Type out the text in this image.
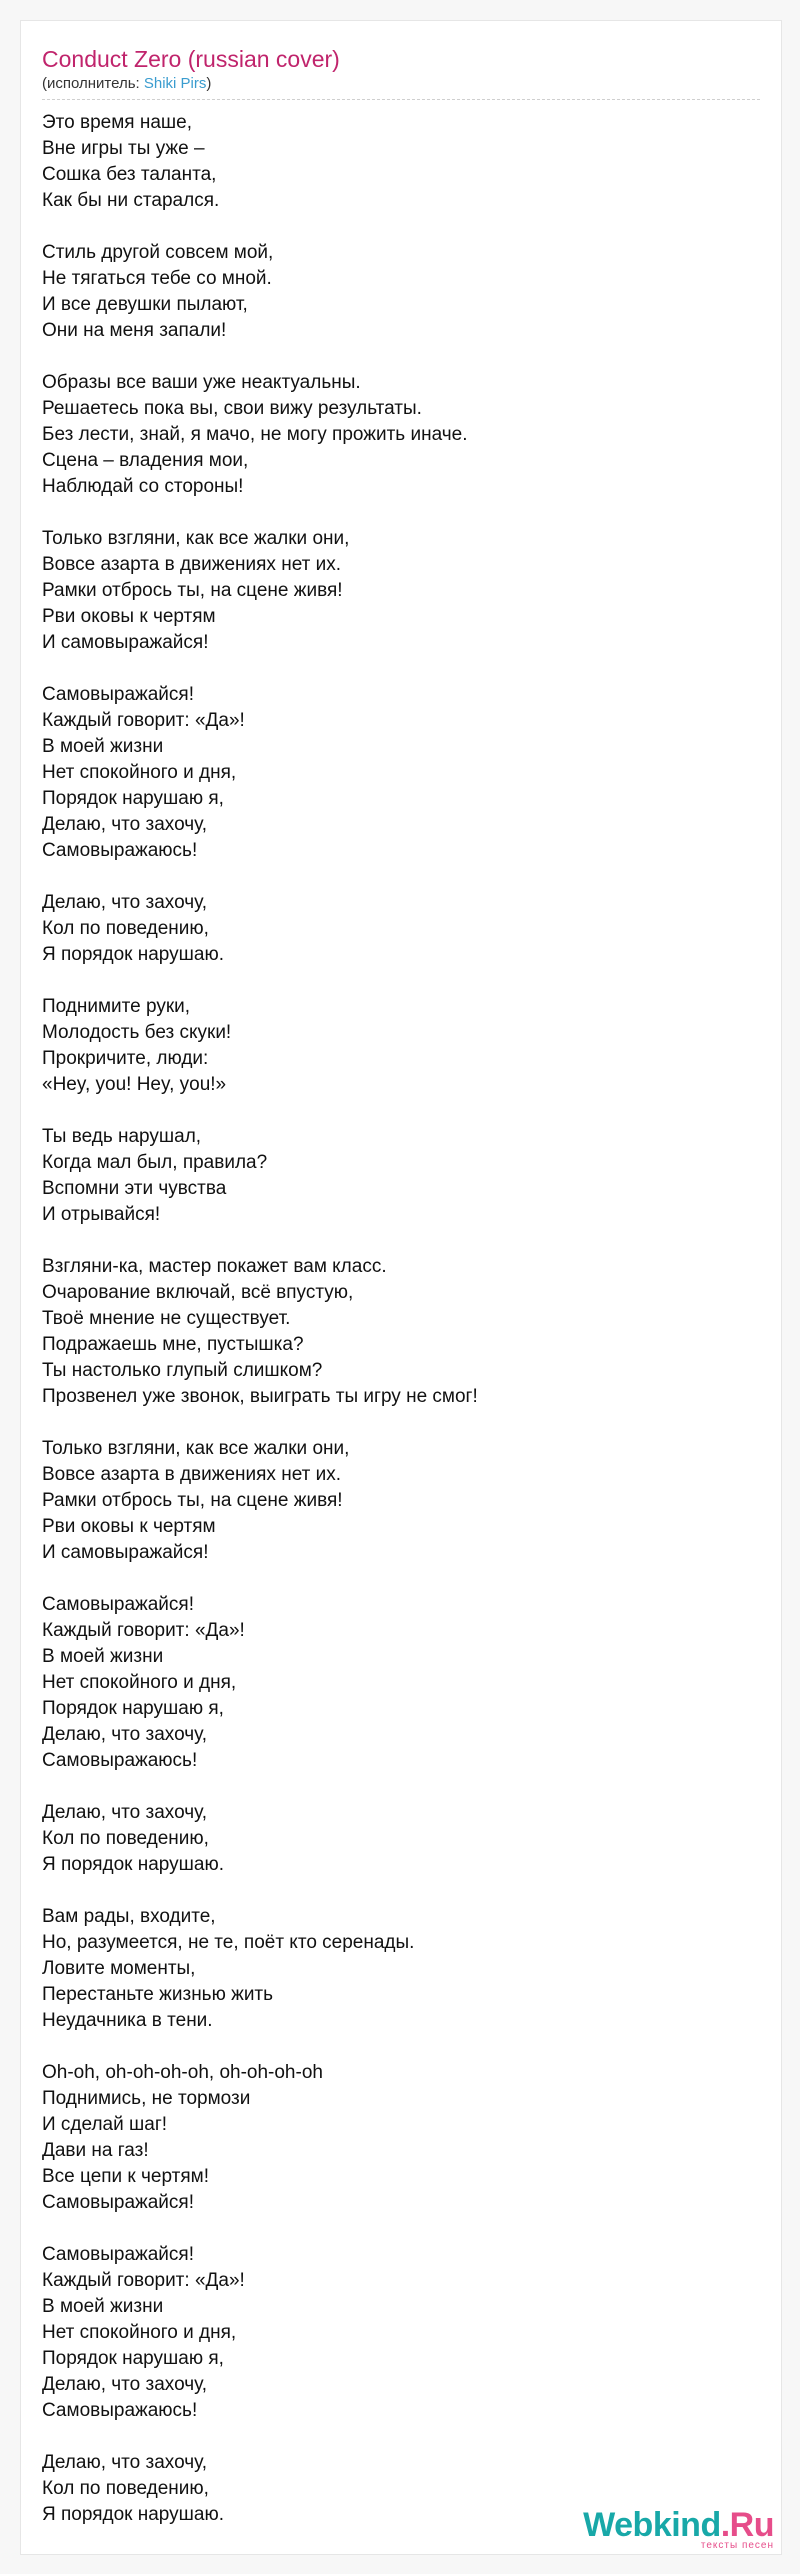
Conduct Zero (russian cover)
(исполнитель: Shiki Pirs)
Это время наше,
Вне игры ты уже –
Сошка без таланта,
Как бы ни старался.
Стиль другой совсем мой,
Не тягаться тебе со мной.
И все девушки пылают,
Они на меня запали!
Образы все ваши уже неактуальны.
Решаетесь пока вы, свои вижу результаты.
Без лести, знай, я мачо, не могу прожить иначе.
Сцена – владения мои,
Наблюдай со стороны!
Только взгляни, как все жалки они,
Вовсе азарта в движениях нет их.
Рамки отбрось ты, на сцене живя!
Рви оковы к чертям
И самовыражайся!
Самовыражайся!
Каждый говорит: «Да»!
В моей жизни
Нет спокойного и дня,
Порядок нарушаю я,
Делаю, что захочу,
Самовыражаюсь!
Делаю, что захочу,
Кол по поведению,
Я порядок нарушаю.
Поднимите руки,
Молодость без скуки!
Прокричите, люди:
«Hey, you! Hey, you!»
Ты ведь нарушал,
Когда мал был, правила?
Вспомни эти чувства
И отрывайся!
Взгляни-ка, мастер покажет вам класс.
Очарование включай, всё впустую,
Твоё мнение не существует.
Подражаешь мне, пустышка?
Ты настолько глупый слишком?
Прозвенел уже звонок, выиграть ты игру не смог!
Только взгляни, как все жалки они,
Вовсе азарта в движениях нет их.
Рамки отбрось ты, на сцене живя!
Рви оковы к чертям
И самовыражайся!
Самовыражайся!
Каждый говорит: «Да»!
В моей жизни
Нет спокойного и дня,
Порядок нарушаю я,
Делаю, что захочу,
Самовыражаюсь!
Делаю, что захочу,
Кол по поведению,
Я порядок нарушаю.
Вам рады, входите,
Но, разумеется, не те, поёт кто серенады.
Ловите моменты,
Перестаньте жизнью жить
Неудачника в тени.
Oh-oh, oh-oh-oh-oh, oh-oh-oh-oh
Поднимись, не тормози
И сделай шаг!
Дави на газ!
Все цепи к чертям!
Самовыражайся!
Самовыражайся!
Каждый говорит: «Да»!
В моей жизни
Нет спокойного и дня,
Порядок нарушаю я,
Делаю, что захочу,
Самовыражаюсь!
Делаю, что захочу,
Кол по поведению,
Я порядок нарушаю.	Webkind.Ru
тексты песен
